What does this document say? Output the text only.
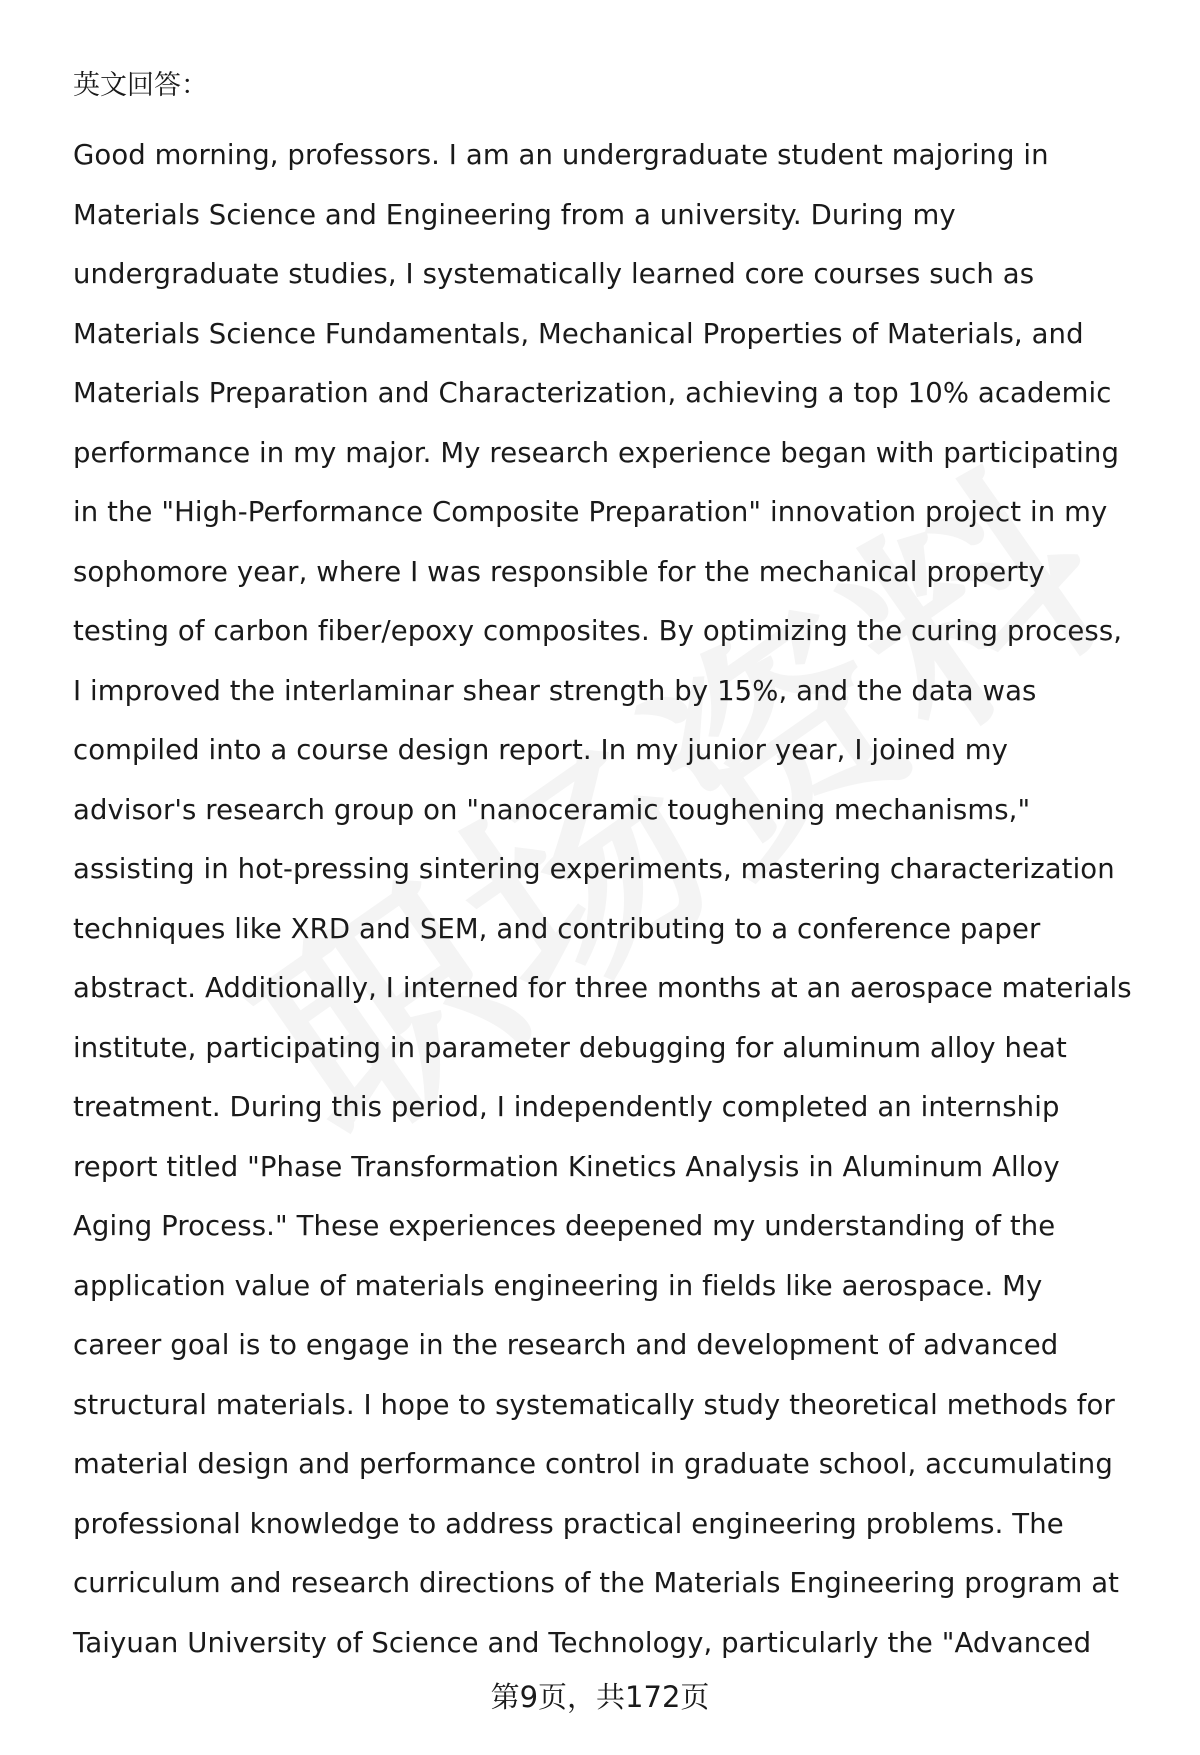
英文回答：
Good morning, professors. I am an undergraduate student majoring in
Materials Science and Engineering from a university. During my
undergraduate studies, I systematically learned core courses such as
Materials Science Fundamentals, Mechanical Properties of Materials, and
Materials Preparation and Characterization, achieving a top 10% academic
performance in my major. My research experience began with participating
in the "High-Performance Composite Preparation" innovation project in my
sophomore year, where I was responsible for the mechanical property
testing of carbon fiber/epoxy composites. By optimizing the curing process,
I improved the interlaminar shear strength by 15%, and the data was
compiled into a course design report. In my junior year, I joined my
advisor's research group on "nanoceramic toughening mechanisms,"
assisting in hot-pressing sintering experiments, mastering characterization
techniques like XRD and SEM, and contributing to a conference paper
abstract. Additionally, I interned for three months at an aerospace materials
institute, participating in parameter debugging for aluminum alloy heat
treatment. During this period, I independently completed an internship
report titled "Phase Transformation Kinetics Analysis in Aluminum Alloy
Aging Process." These experiences deepened my understanding of the
application value of materials engineering in fields like aerospace. My
career goal is to engage in the research and development of advanced
structural materials. I hope to systematically study theoretical methods for
material design and performance control in graduate school, accumulating
professional knowledge to address practical engineering problems. The
curriculum and research directions of the Materials Engineering program at
Taiyuan University of Science and Technology, particularly the "Advanced
第9页，共172页
